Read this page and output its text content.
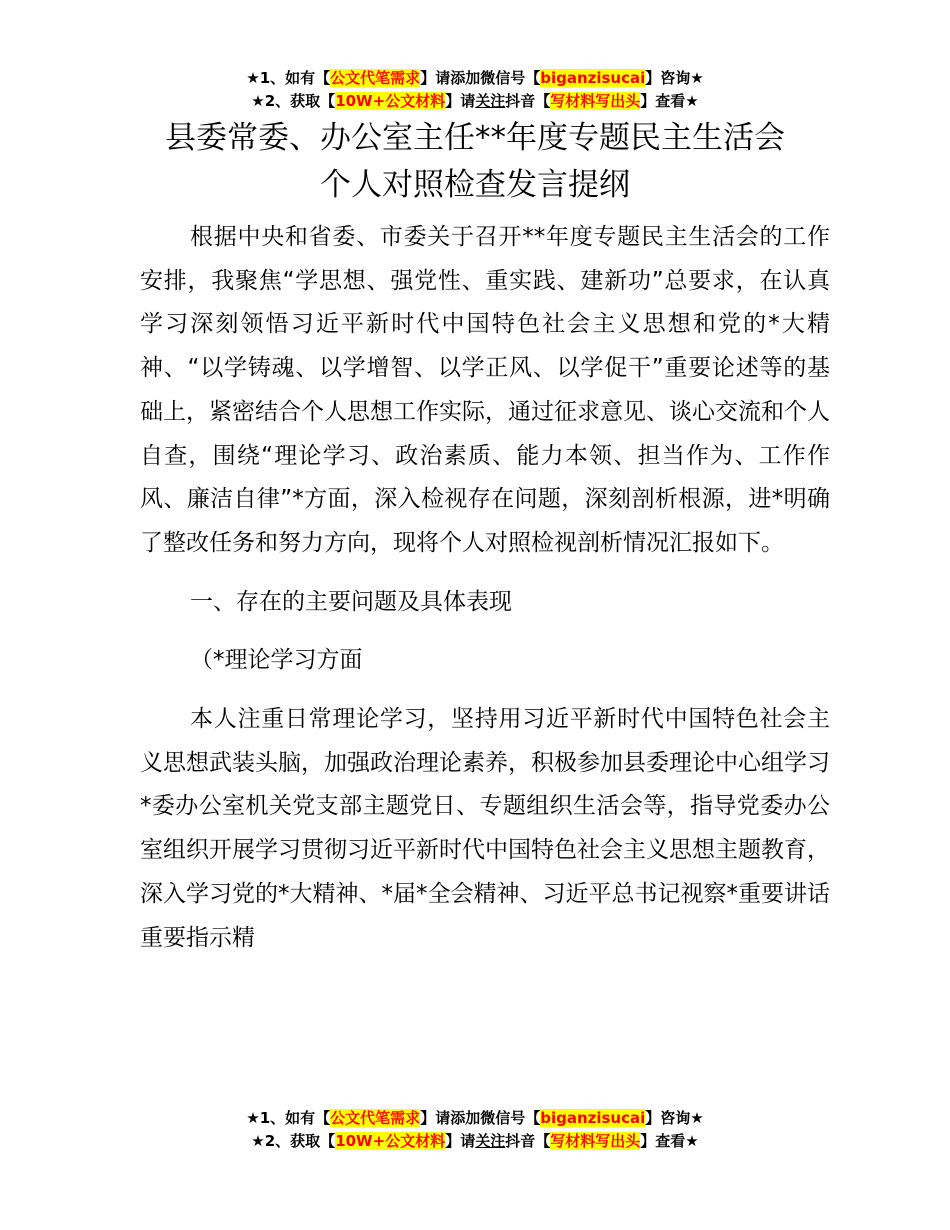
★1、如有【公文代笔需求】请添加微信号【biganzisucai】咨询★
★2、获取【10W+公文材料】请关注抖音【写材料写出头】查看★
县委常委、办公室主任**年度专题民主生活会
个人对照检查发言提纲

根据中央和省委、市委关于召开**年度专题民主生活会的工作安排，我聚焦“学思想、强党性、重实践、建新功”总要求，在认真学习深刻领悟习近平新时代中国特色社会主义思想和党的*大精神、“以学铸魂、以学增智、以学正风、以学促干”重要论述等的基础上，紧密结合个人思想工作实际，通过征求意见、谈心交流和个人自查，围绕“理论学习、政治素质、能力本领、担当作为、工作作风、廉洁自律”*方面，深入检视存在问题，深刻剖析根源，进*明确了整改任务和努力方向，现将个人对照检视剖析情况汇报如下。

一、存在的主要问题及具体表现

（*理论学习方面

本人注重日常理论学习，坚持用习近平新时代中国特色社会主义思想武装头脑，加强政治理论素养，积极参加县委理论中心组学习*委办公室机关党支部主题党日、专题组织生活会等，指导党委办公室组织开展学习贯彻习近平新时代中国特色社会主义思想主题教育，深入学习党的*大精神、*届*全会精神、习近平总书记视察*重要讲话重要指示精

★1、如有【公文代笔需求】请添加微信号【biganzisucai】咨询★
★2、获取【10W+公文材料】请关注抖音【写材料写出头】查看★
